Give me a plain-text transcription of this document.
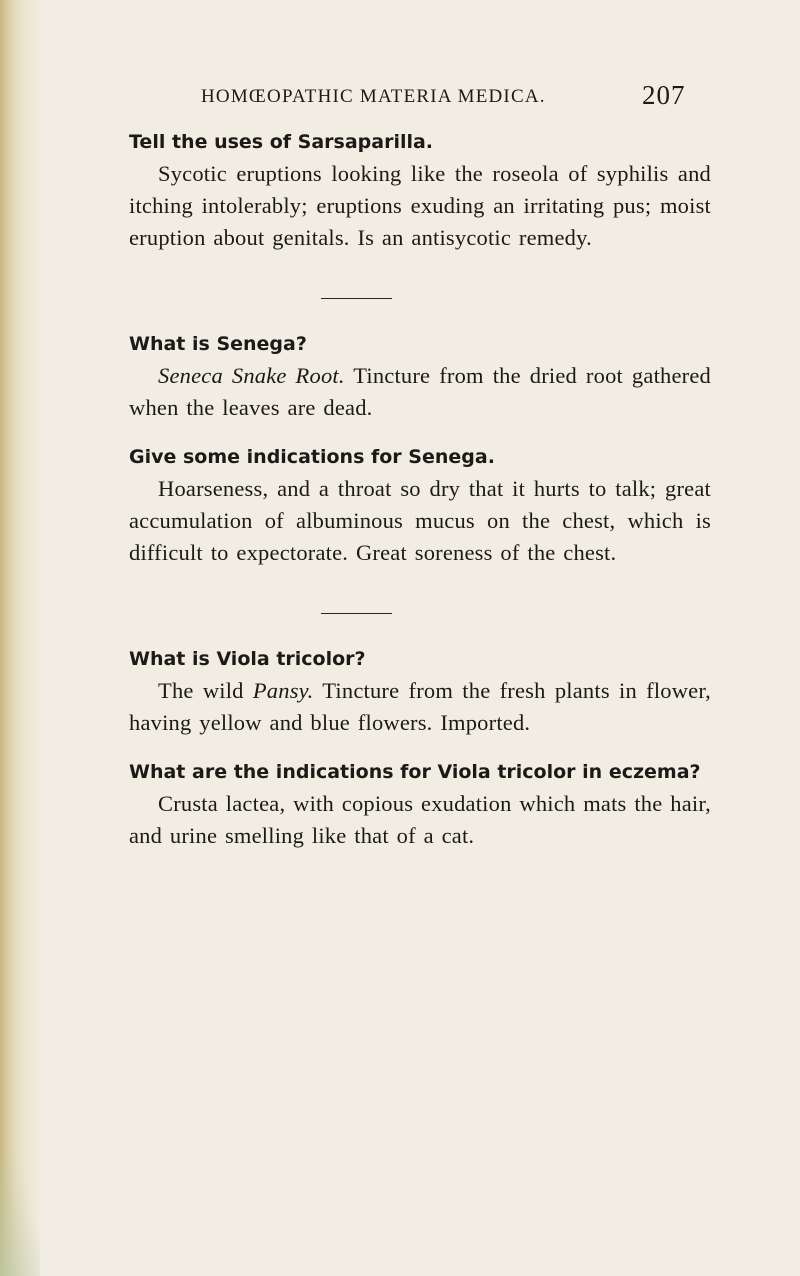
HOMŒOPATHIC MATERIA MEDICA.	207

Tell the uses of Sarsaparilla.

Sycotic eruptions looking like the roseola of syphilis and itching intolerably; eruptions exuding an irritating pus; moist eruption about genitals. Is an antisycotic remedy.

What is Senega?

Seneca Snake Root. Tincture from the dried root gathered when the leaves are dead.

Give some indications for Senega.

Hoarseness, and a throat so dry that it hurts to talk; great accumulation of albuminous mucus on the chest, which is difficult to expectorate. Great soreness of the chest.

What is Viola tricolor?

The wild Pansy. Tincture from the fresh plants in flower, having yellow and blue flowers. Imported.

What are the indications for Viola tricolor in eczema?

Crusta lactea, with copious exudation which mats the hair, and urine smelling like that of a cat.
